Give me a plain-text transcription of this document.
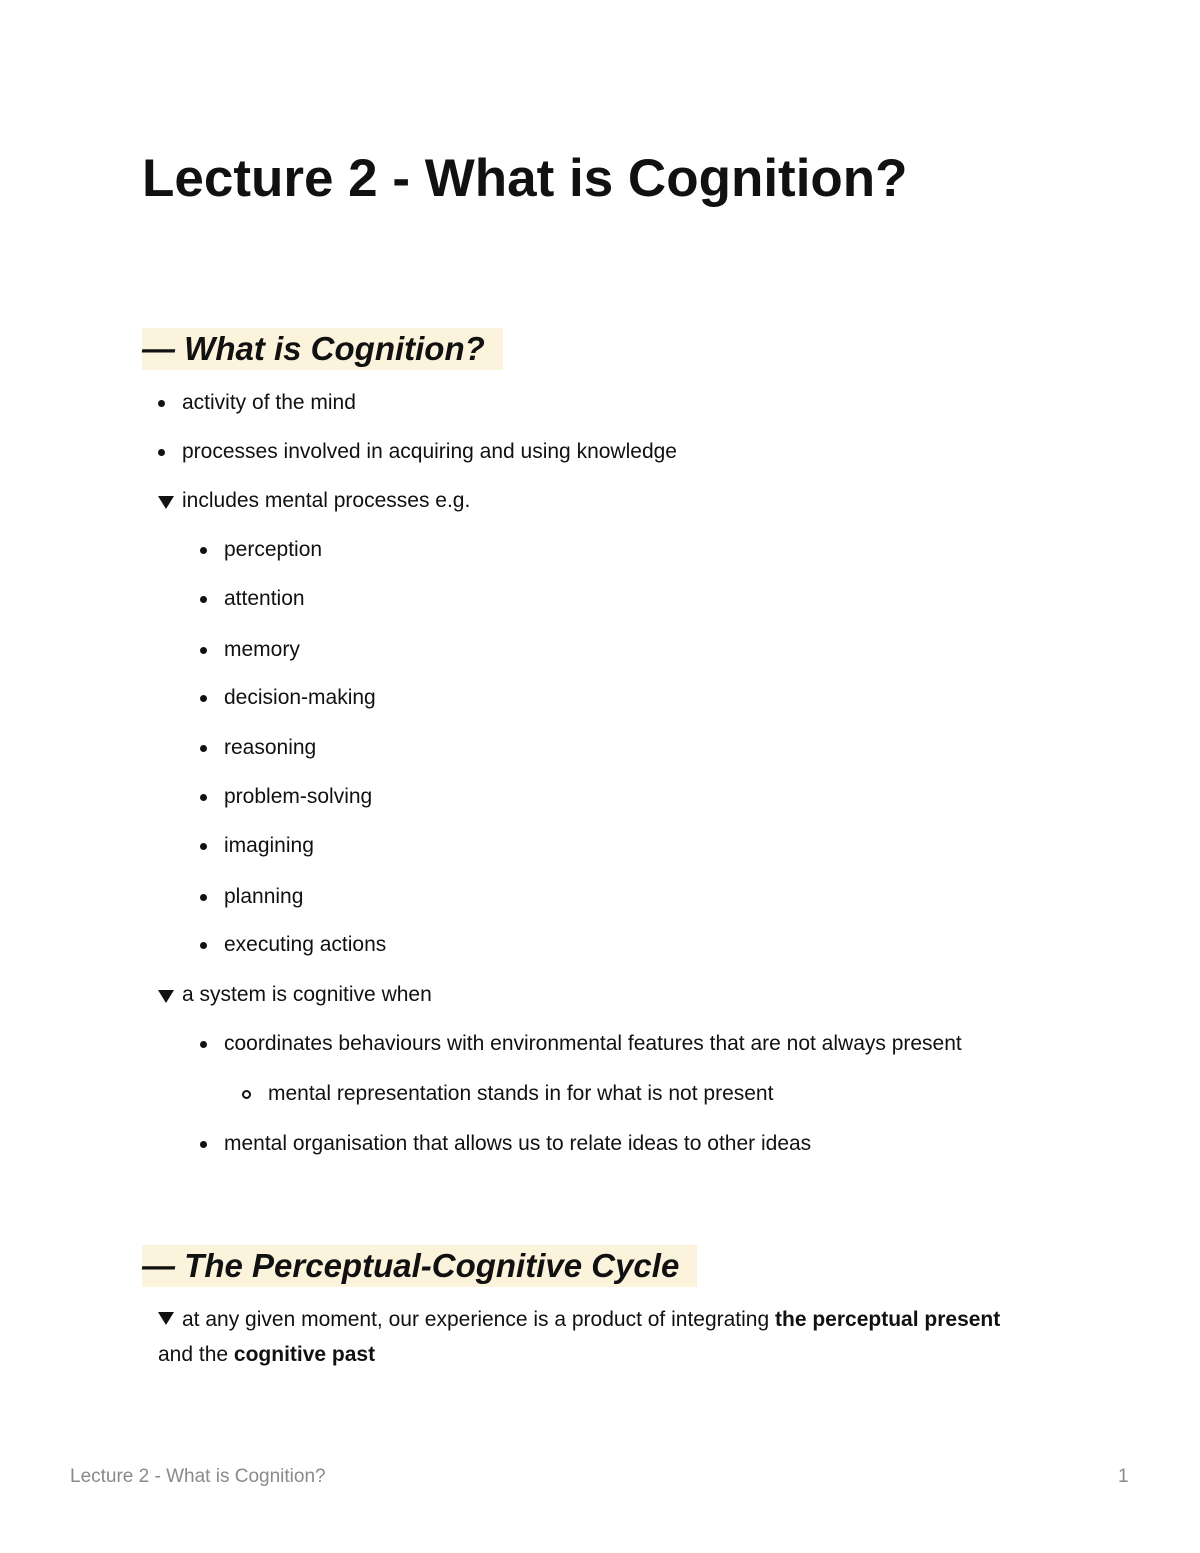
Lecture 2 - What is Cognition?
— What is Cognition?
activity of the mind
processes involved in acquiring and using knowledge
includes mental processes e.g.
perception
attention
memory
decision-making
reasoning
problem-solving
imagining
planning
executing actions
a system is cognitive when
coordinates behaviours with environmental features that are not always present
mental representation stands in for what is not present
mental organisation that allows us to relate ideas to other ideas
— The Perceptual-Cognitive Cycle

at any given moment, our experience is a product of integrating the perceptual present and the cognitive past

Lecture 2 - What is Cognition?	1
